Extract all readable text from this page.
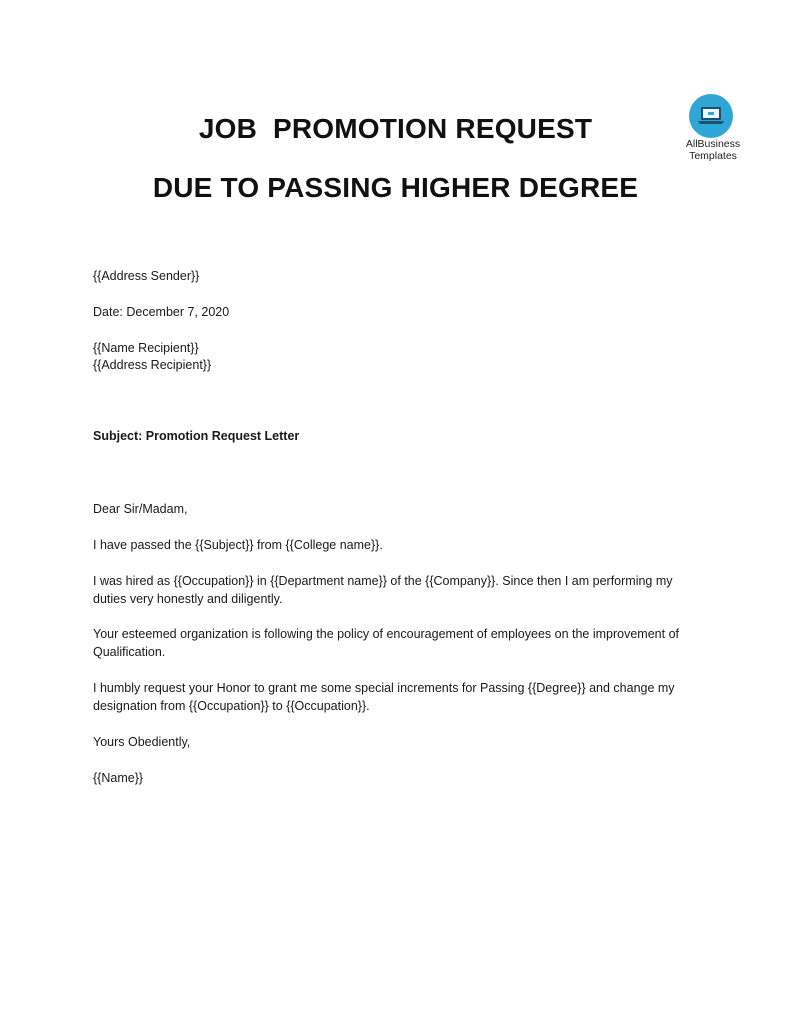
JOB  PROMOTION REQUEST
DUE TO PASSING HIGHER DEGREE
AllBusiness
Templates
{{Address Sender}}
Date: December 7, 2020
{{Name Recipient}}
{{Address Recipient}}
Subject: Promotion Request Letter
Dear Sir/Madam,
I have passed the {{Subject}} from {{College name}}.
I was hired as {{Occupation}} in {{Department name}} of the {{Company}}. Since then I am performing my duties very honestly and diligently.
Your esteemed organization is following the policy of encouragement of employees on the improvement of Qualification.
I humbly request your Honor to grant me some special increments for Passing {{Degree}} and change my designation from {{Occupation}} to {{Occupation}}.
Yours Obediently,
{{Name}}
